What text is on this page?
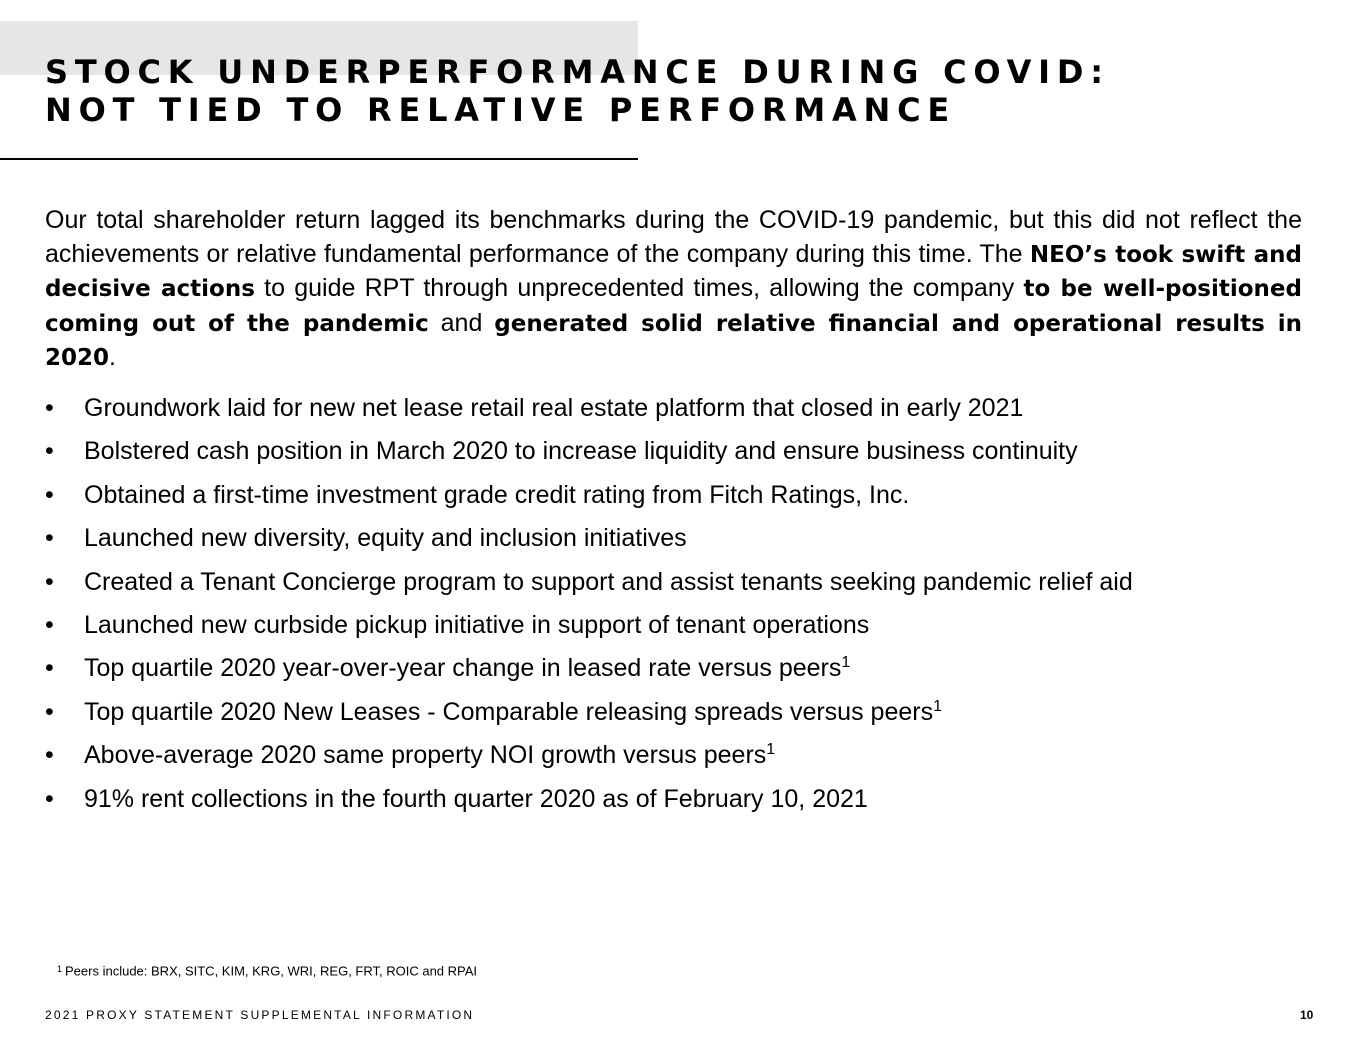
STOCK UNDERPERFORMANCE DURING COVID:
NOT TIED TO RELATIVE PERFORMANCE

Our total shareholder return lagged its benchmarks during the COVID-19 pandemic, but this did not reflect the achievements or relative fundamental performance of the company during this time. The NEO’s took swift and decisive actions to guide RPT through unprecedented times, allowing the company to be well-positioned coming out of the pandemic and generated solid relative financial and operational results in 2020.

• Groundwork laid for new net lease retail real estate platform that closed in early 2021
• Bolstered cash position in March 2020 to increase liquidity and ensure business continuity
• Obtained a first-time investment grade credit rating from Fitch Ratings, Inc.
• Launched new diversity, equity and inclusion initiatives
• Created a Tenant Concierge program to support and assist tenants seeking pandemic relief aid
• Launched new curbside pickup initiative in support of tenant operations
• Top quartile 2020 year-over-year change in leased rate versus peers$^1$
• Top quartile 2020 New Leases - Comparable releasing spreads versus peers$^1$
• Above-average 2020 same property NOI growth versus peers$^1$
• 91% rent collections in the fourth quarter 2020 as of February 10, 2021
$^1$ Peers include: BRX, SITC, KIM, KRG, WRI, REG, FRT, ROIC and RPAI
2021 PROXY STATEMENT SUPPLEMENTAL INFORMATION	10
